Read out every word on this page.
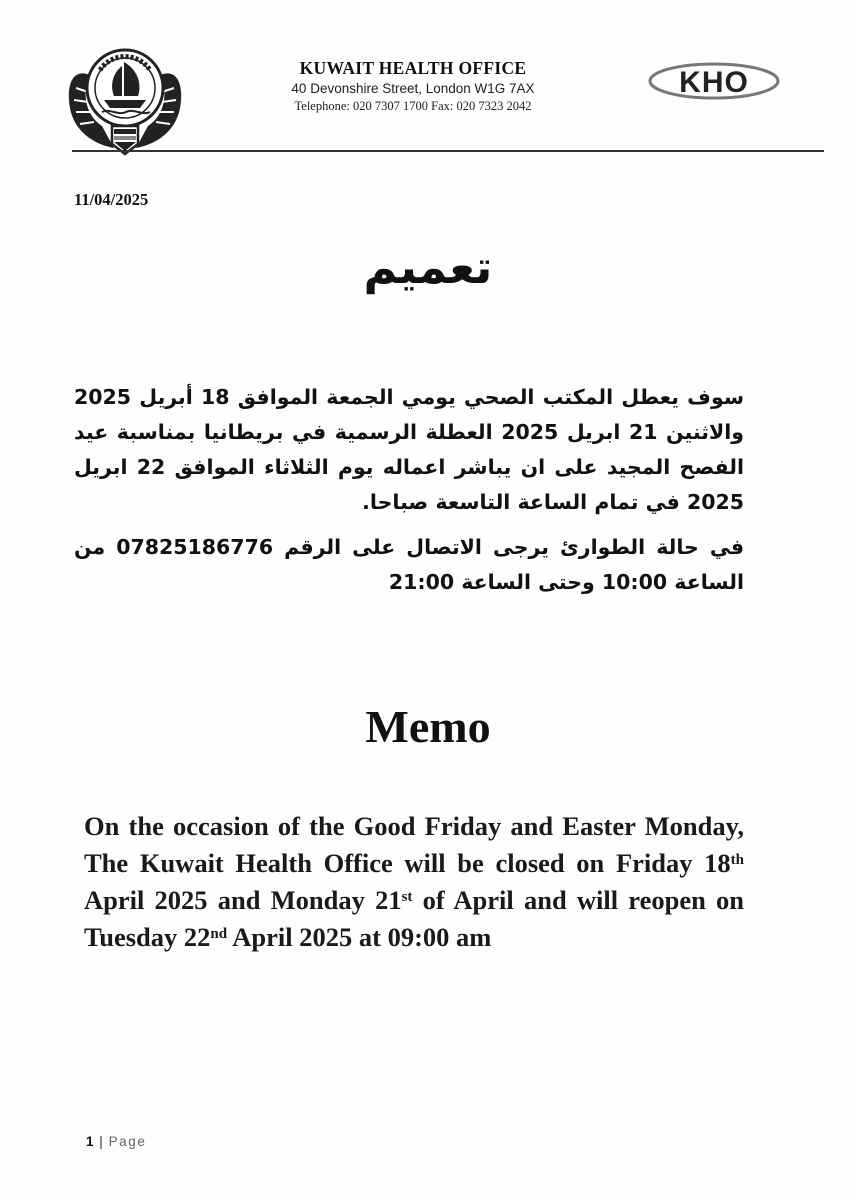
KUWAIT HEALTH OFFICE
40 Devonshire Street, London W1G 7AX
Telephone: 020 7307 1700 Fax: 020 7323 2042
KHO
11/04/2025
تعميم

سوف يعطل المكتب الصحي يومي الجمعة الموافق 18 أبريل 2025 والاثنين 21 ابريل 2025 العطلة الرسمية في بريطانيا بمناسبة عيد الفصح المجيد على ان يباشر اعماله يوم الثلاثاء الموافق 22 ابريل 2025 في تمام الساعة التاسعة صباحا.

في حالة الطوارئ يرجى الاتصال على الرقم 07825186776 من الساعة 10:00 وحتى الساعة 21:00

Memo
On the occasion of the Good Friday and Easter Monday, The Kuwait Health Office will be closed on Friday 18th April 2025 and Monday 21st of April and will reopen on Tuesday 22nd April 2025 at 09:00 am
1 | Page
